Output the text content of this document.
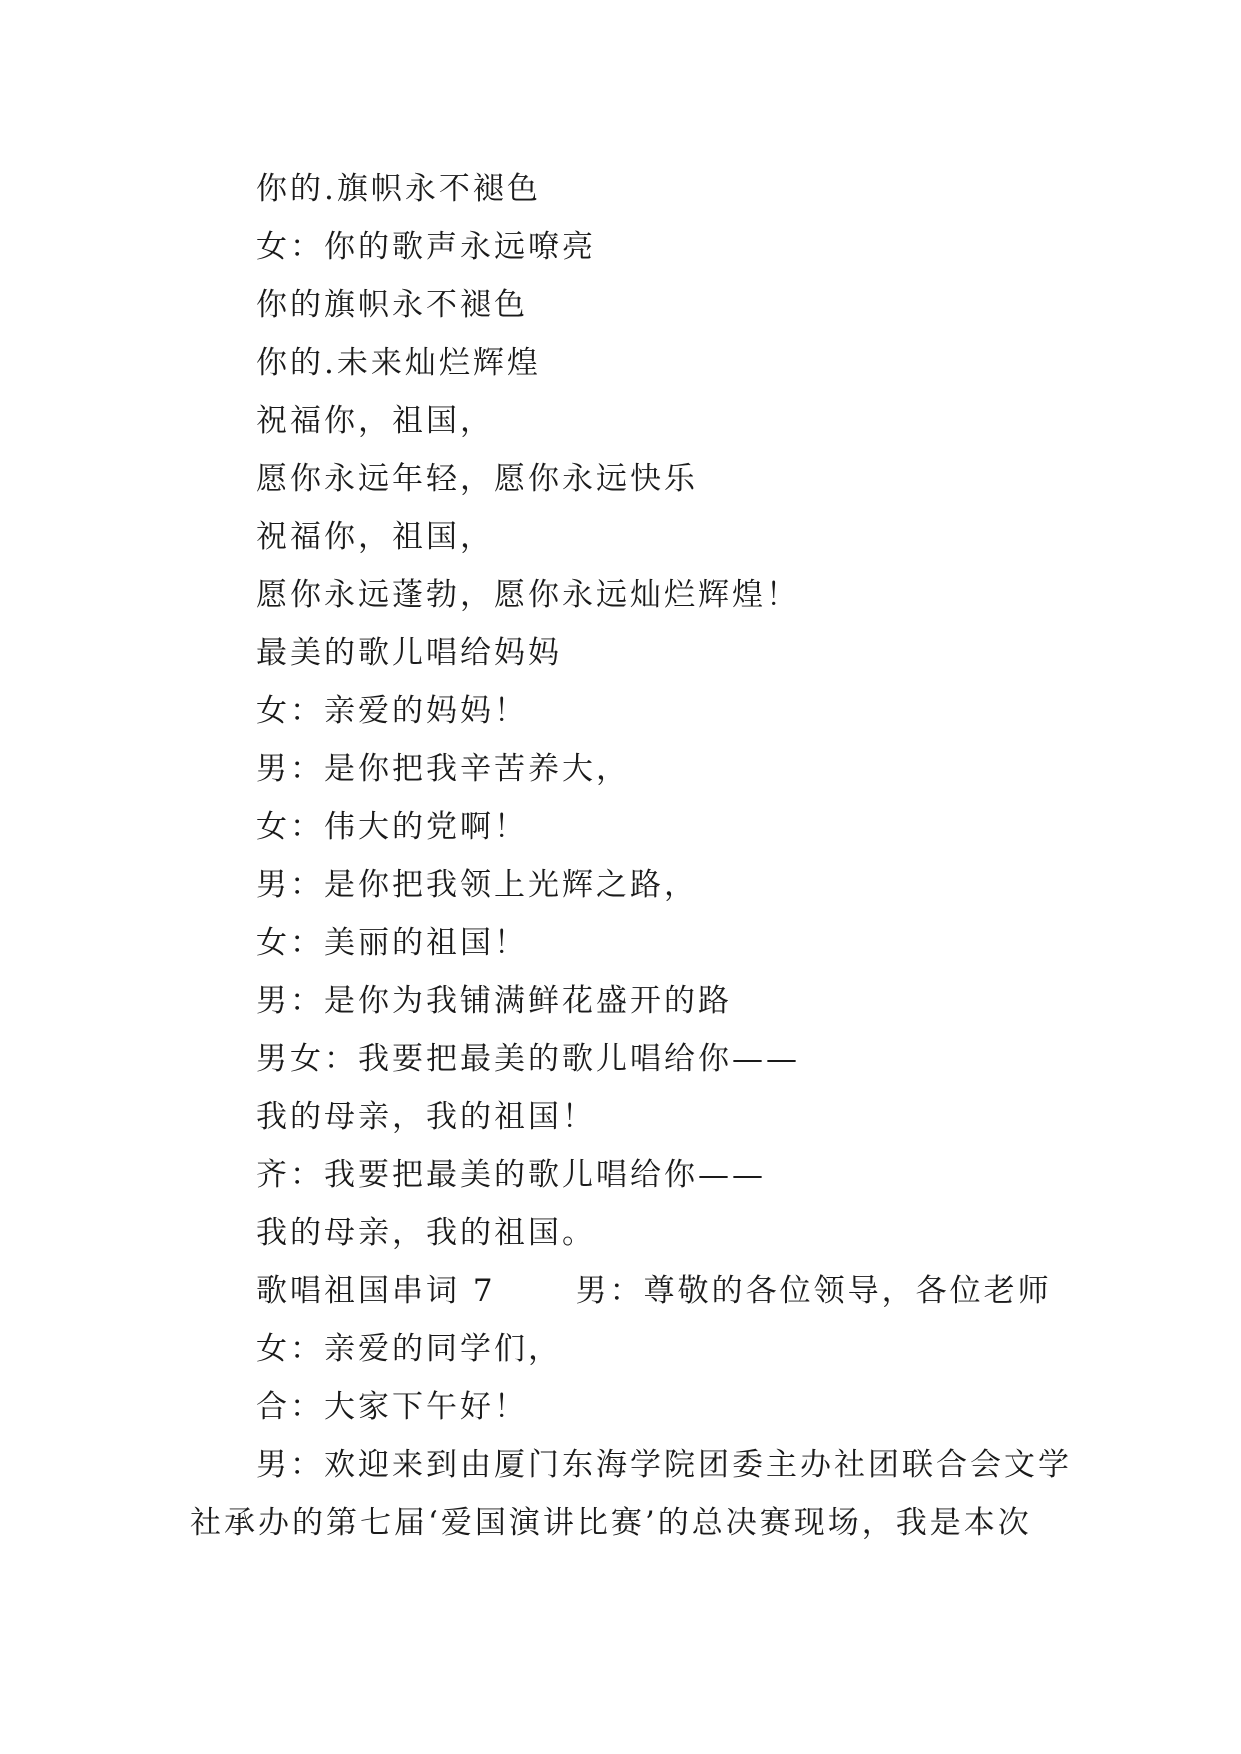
你的.旗帜永不褪色
女：你的歌声永远嘹亮
你的旗帜永不褪色
你的.未来灿烂辉煌
祝福你，祖国，
愿你永远年轻，愿你永远快乐
祝福你，祖国，
愿你永远蓬勃，愿你永远灿烂辉煌！
最美的歌儿唱给妈妈
女：亲爱的妈妈！
男：是你把我辛苦养大，
女：伟大的党啊！
男：是你把我领上光辉之路，
女：美丽的祖国！
男：是你为我铺满鲜花盛开的路
男女：我要把最美的歌儿唱给你——
我的母亲，我的祖国！
齐：我要把最美的歌儿唱给你——
我的母亲，我的祖国。
歌唱祖国串词 7	男：尊敬的各位领导，各位老师
女：亲爱的同学们，
合：大家下午好！
男：欢迎来到由厦门东海学院团委主办社团联合会文学
社承办的第七届‘爱国演讲比赛’的总决赛现场，我是本次
